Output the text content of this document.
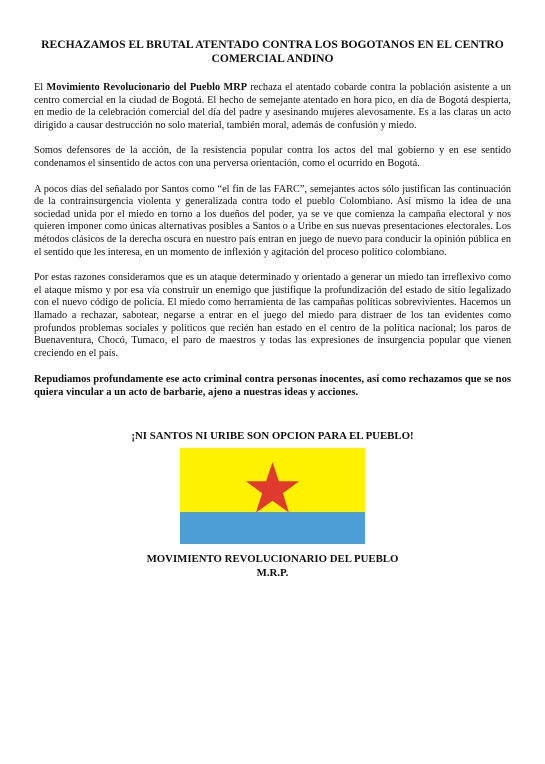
RECHAZAMOS EL BRUTAL ATENTADO CONTRA LOS BOGOTANOS EN EL CENTRO COMERCIAL ANDINO

El Movimiento Revolucionario del Pueblo MRP rechaza el atentado cobarde contra la población asistente a un centro comercial en la ciudad de Bogotá. El hecho de semejante atentado en hora pico, en día de Bogotá despierta, en medio de la celebración comercial del día del padre y asesinando mujeres alevosamente. Es a las claras un acto dirigido a causar destrucción no solo material, también moral, además de confusión y miedo.

Somos defensores de la acción, de la resistencia popular contra los actos del mal gobierno y en ese sentido condenamos el sinsentido de actos con una perversa orientación, como el ocurrido en Bogotá.

A pocos días del señalado por Santos como “el fin de las FARC”, semejantes actos sólo justifican las continuación de la contrainsurgencia violenta y generalizada contra todo el pueblo Colombiano. Así mismo la idea de una sociedad unida por el miedo en torno a los dueños del poder, ya se ve que comienza la campaña electoral y nos quieren imponer como únicas alternativas posibles a Santos o a Uribe en sus nuevas presentaciones electorales. Los métodos clásicos de la derecha oscura en nuestro país entran en juego de nuevo para conducir la opinión pública en el sentido que les interesa, en un momento de inflexión y agitación del proceso político colombiano.

Por estas razones consideramos que es un ataque determinado y orientado a generar un miedo tan irreflexivo como el ataque mismo y por esa vía construir un enemigo que justifique la profundización del estado de sitio legalizado con el nuevo código de policía. El miedo como herramienta de las campañas políticas sobrevivientes. Hacemos un llamado a rechazar, sabotear, negarse a entrar en el juego del miedo para distraer de los tan evidentes como profundos problemas sociales y políticos que recién han estado en el centro de la política nacional; los paros de Buenaventura, Chocó, Tumaco, el paro de maestros y todas las expresiones de insurgencia popular que vienen creciendo en el país.

Repudiamos profundamente ese acto criminal contra personas inocentes, así como rechazamos que se nos quiera vincular a un acto de barbarie, ajeno a nuestras ideas y acciones.

¡NI SANTOS NI URIBE SON OPCION PARA EL PUEBLO!
MOVIMIENTO REVOLUCIONARIO DEL PUEBLO
M.R.P.
